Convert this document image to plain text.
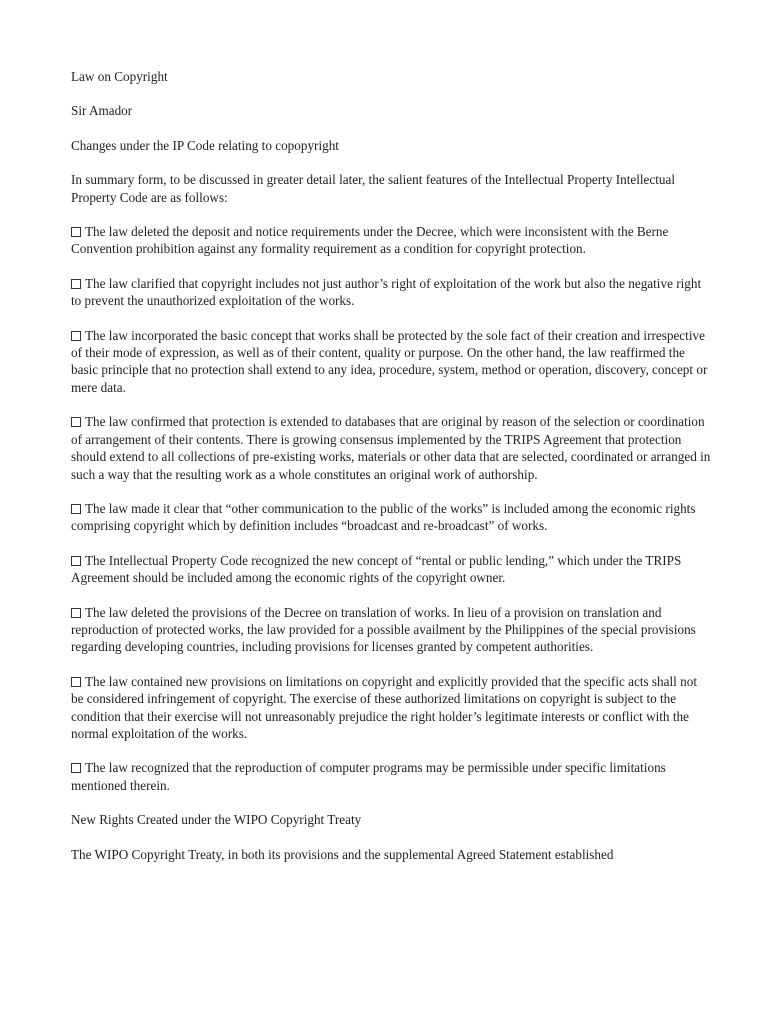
Law on Copyright

Sir Amador

Changes under the IP Code relating to copopyright

In summary form, to be discussed in greater detail later, the salient features of the Intellectual Property Intellectual Property Code are as follows:

The law deleted the deposit and notice requirements under the Decree, which were inconsistent with the Berne Convention prohibition against any formality requirement as a condition for copyright protection.

The law clarified that copyright includes not just author’s right of exploitation of the work but also the negative right to prevent the unauthorized exploitation of the works.

The law incorporated the basic concept that works shall be protected by the sole fact of their creation and irrespective of their mode of expression, as well as of their content, quality or purpose. On the other hand, the law reaffirmed the basic principle that no protection shall extend to any idea, procedure, system, method or operation, discovery, concept or mere data.

The law confirmed that protection is extended to databases that are original by reason of the selection or coordination of arrangement of their contents. There is growing consensus implemented by the TRIPS Agreement that protection should extend to all collections of pre-existing works, materials or other data that are selected, coordinated or arranged in such a way that the resulting work as a whole constitutes an original work of authorship.

The law made it clear that “other communication to the public of the works” is included among the economic rights comprising copyright which by definition includes “broadcast and re-broadcast” of works.

The Intellectual Property Code recognized the new concept of “rental or public lending,” which under the TRIPS Agreement should be included among the economic rights of the copyright owner.

The law deleted the provisions of the Decree on translation of works. In lieu of a provision on translation and reproduction of protected works, the law provided for a possible availment by the Philippines of the special provisions regarding developing countries, including provisions for licenses granted by competent authorities.

The law contained new provisions on limitations on copyright and explicitly provided that the specific acts shall not be considered infringement of copyright. The exercise of these authorized limitations on copyright is subject to the condition that their exercise will not unreasonably prejudice the right holder’s legitimate interests or conflict with the normal exploitation of the works.

The law recognized that the reproduction of computer programs may be permissible under specific limitations mentioned therein.

New Rights Created under the WIPO Copyright Treaty

The WIPO Copyright Treaty, in both its provisions and the supplemental Agreed Statement established
